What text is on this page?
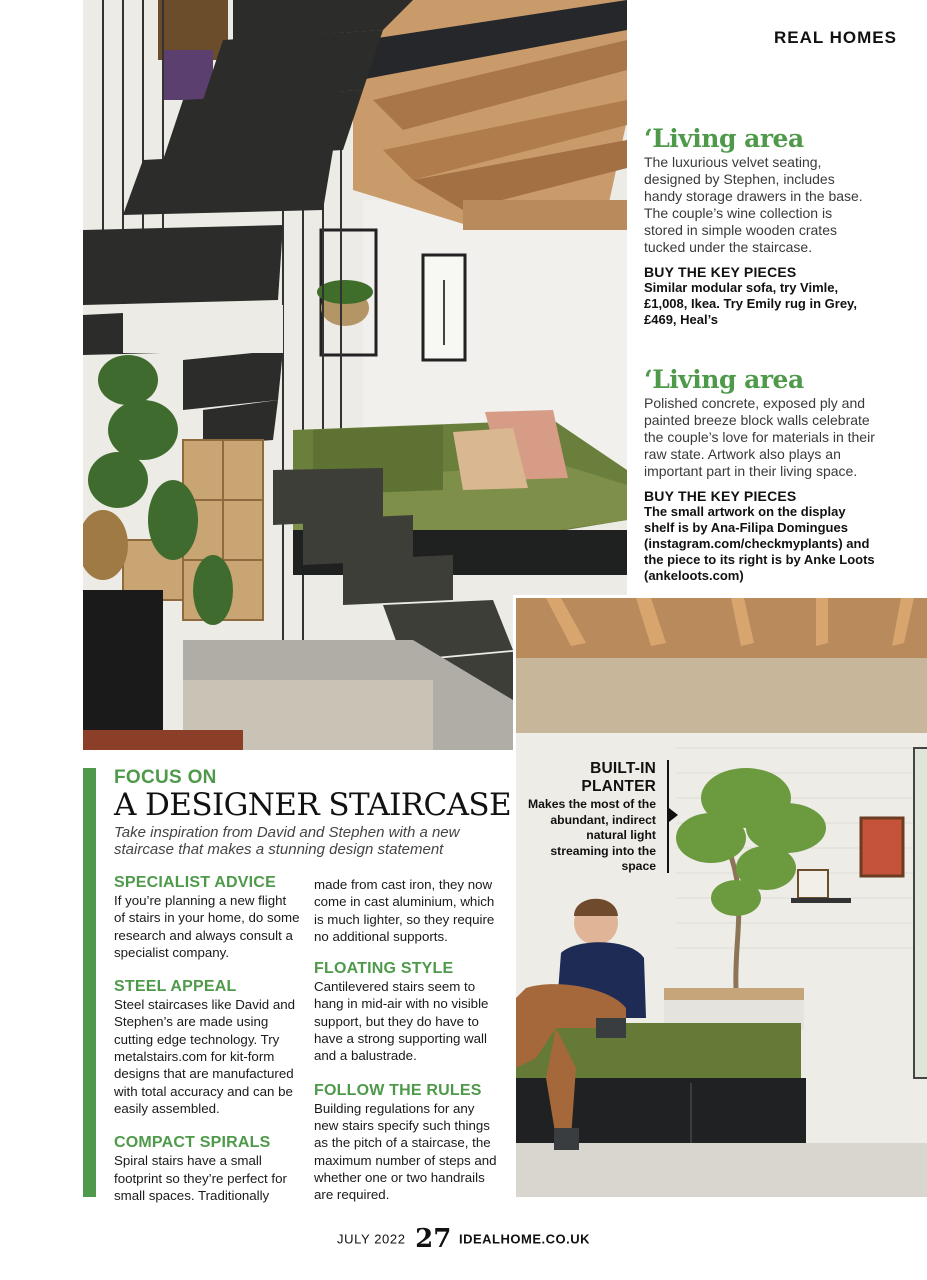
REAL HOMES
‘Living area
The luxurious velvet seating, designed by Stephen, includes handy storage drawers in the base. The couple’s wine collection is stored in simple wooden crates tucked under the staircase.
BUY THE KEY PIECES
Similar modular sofa, try Vimle, £1,008, Ikea. Try Emily rug in Grey, £469, Heal’s
‘Living area
Polished concrete, exposed ply and painted breeze block walls celebrate the couple’s love for materials in their raw state. Artwork also plays an important part in their living space.
BUY THE KEY PIECES
The small artwork on the display shelf is by Ana-Filipa Domingues (instagram.com/checkmyplants) and the piece to its right is by Anke Loots (ankeloots.com)
BUILT-IN PLANTER
Makes the most of the abundant, indirect natural light streaming into the space
FOCUS ON
A DESIGNER STAIRCASE
Take inspiration from David and Stephen with a new staircase that makes a stunning design statement
SPECIALIST ADVICE
If you’re planning a new flight of stairs in your home, do some research and always consult a specialist company.
STEEL APPEAL
Steel staircases like David and Stephen’s are made using cutting edge technology. Try metalstairs.com for kit-form designs that are manufactured with total accuracy and can be easily assembled.
COMPACT SPIRALS
Spiral stairs have a small footprint so they’re perfect for small spaces. Traditionally
made from cast iron, they now come in cast aluminium, which is much lighter, so they require no additional supports.
FLOATING STYLE
Cantilevered stairs seem to hang in mid-air with no visible support, but they do have to have a strong supporting wall and a balustrade.
FOLLOW THE RULES
Building regulations for any new stairs specify such things as the pitch of a staircase, the maximum number of steps and whether one or two handrails are required.
JULY 2022 27 IDEALHOME.CO.UK
